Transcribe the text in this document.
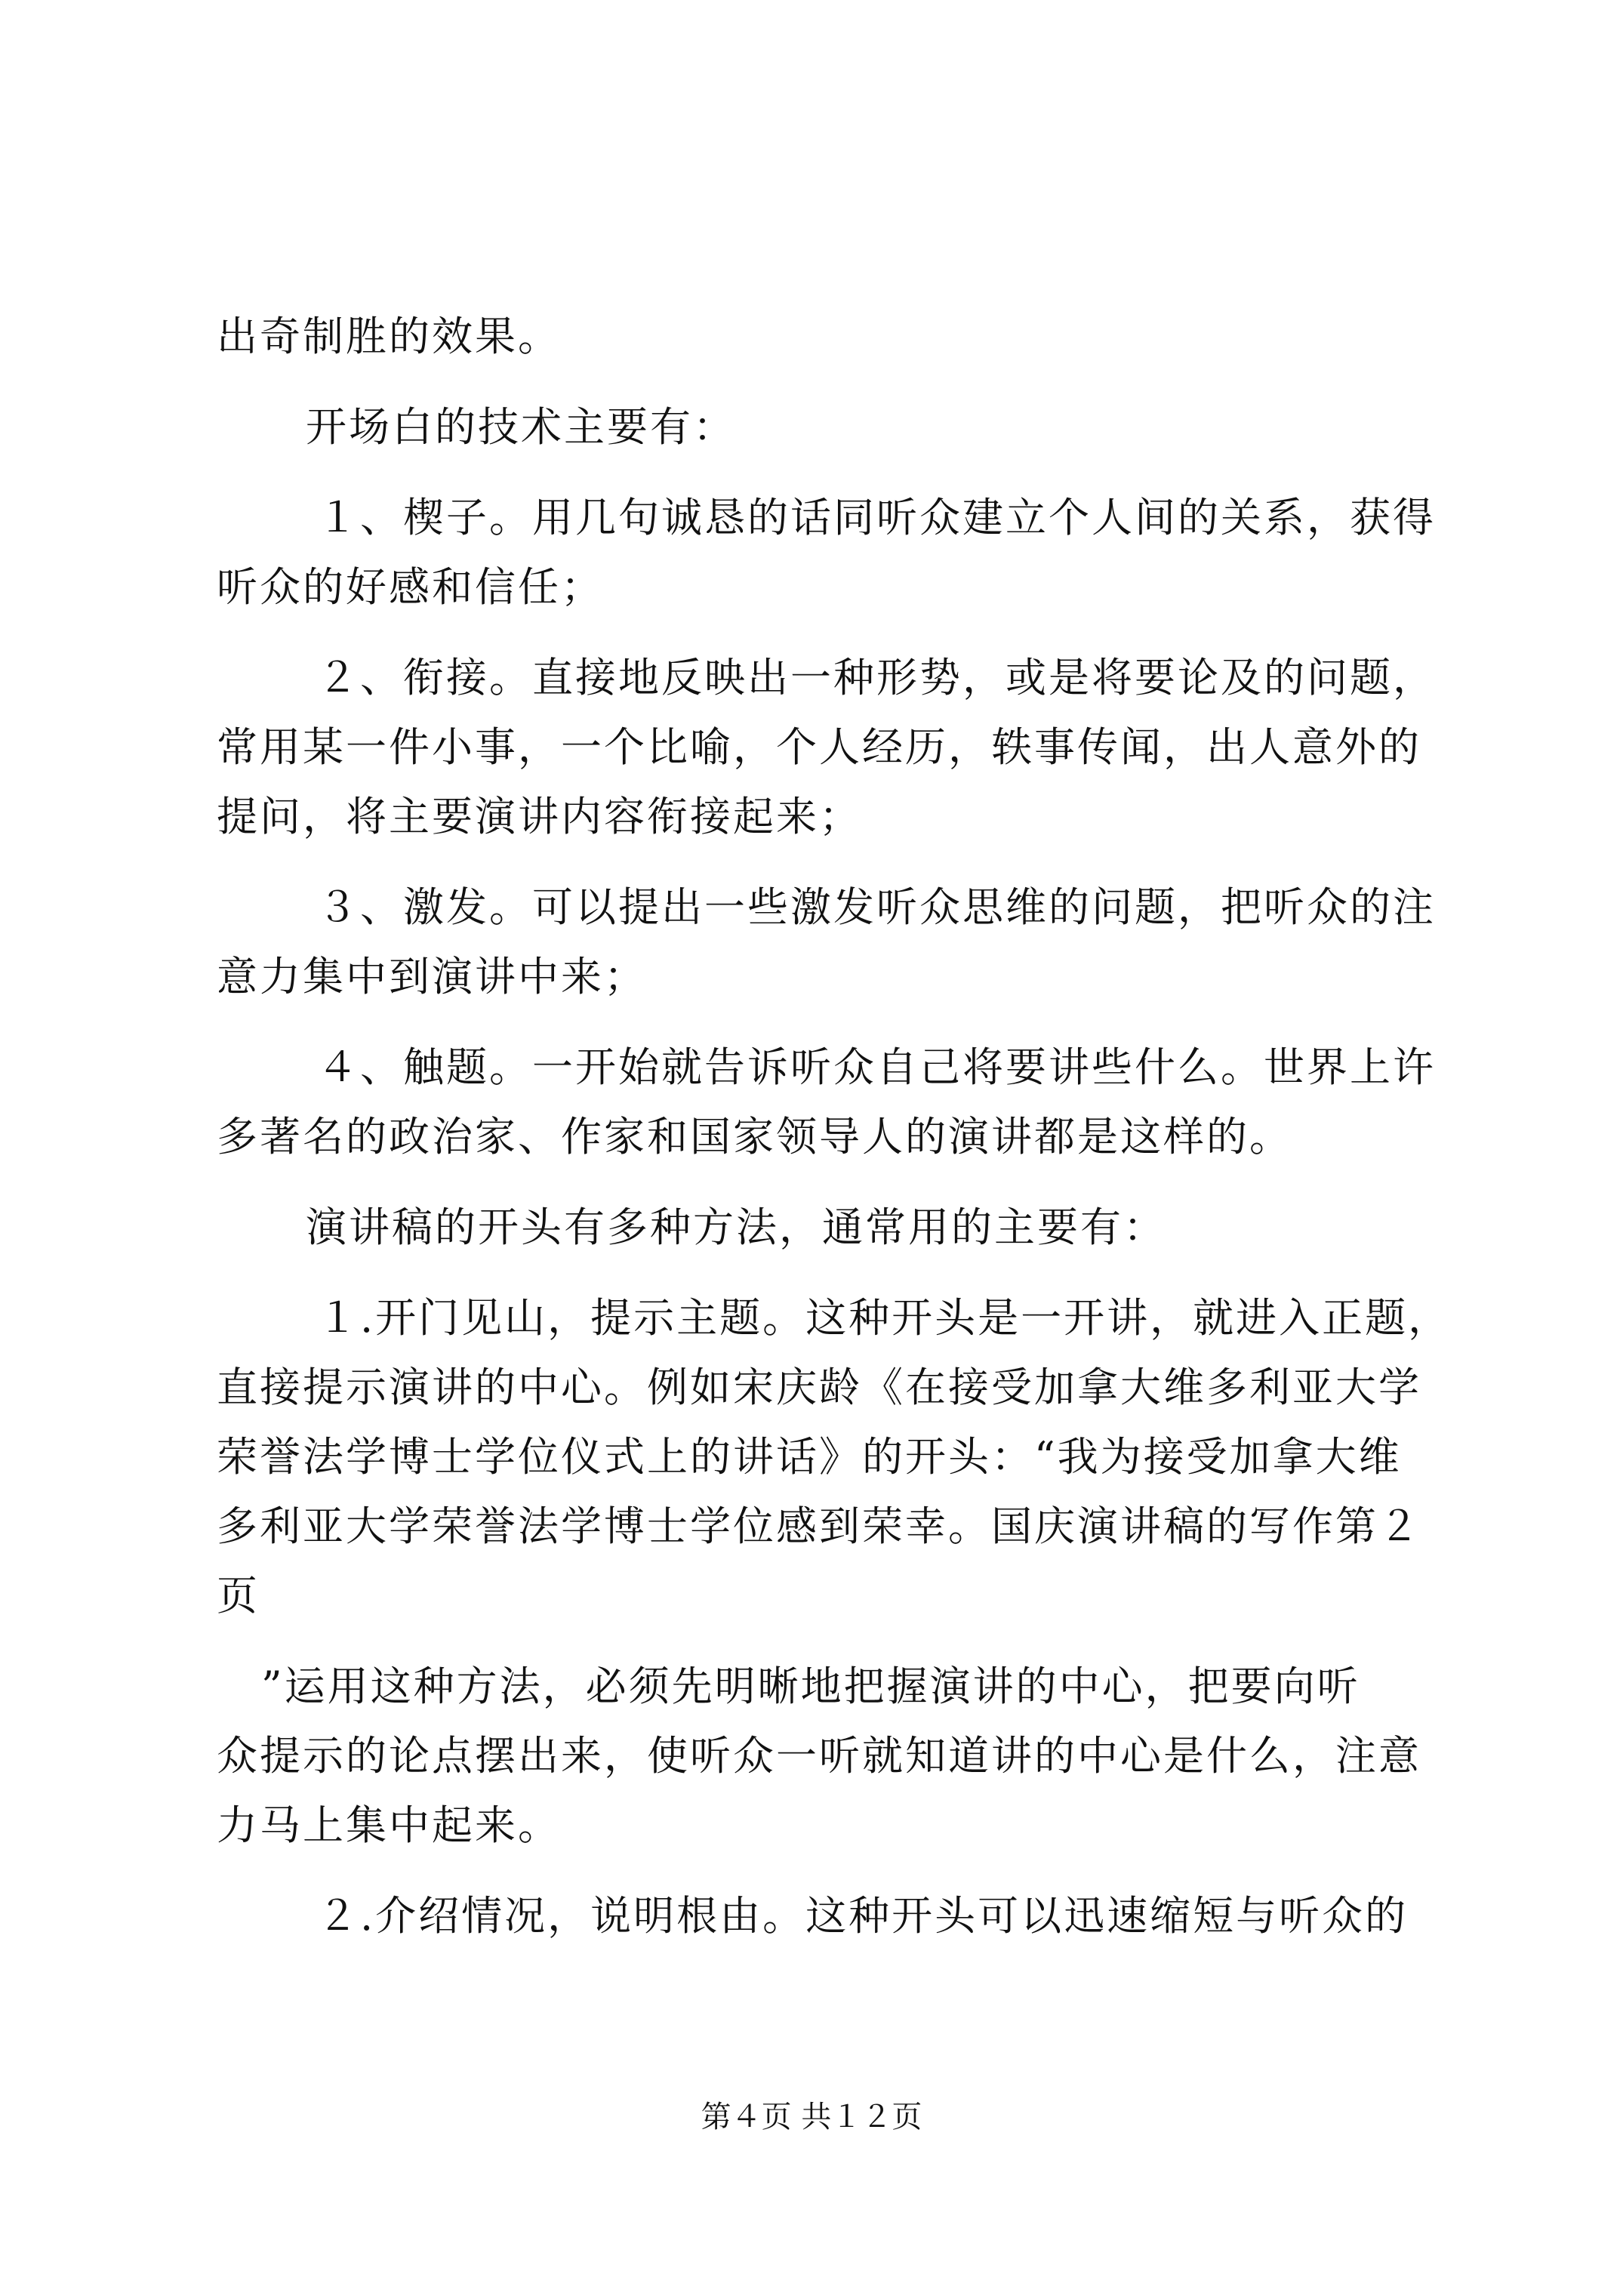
出奇制胜的效果。
开场白的技术主要有：
１、楔子。用几句诚恳的话同听众建立个人间的关系，获得
听众的好感和信任；
２、衔接。直接地反映出一种形势，或是将要论及的问题，
常用某一件小事，一个比喻，个人经历，轶事传闻，出人意外的
提问，将主要演讲内容衔接起来；
３、激发。可以提出一些激发听众思维的问题，把听众的注
意力集中到演讲中来；
４、触题。一开始就告诉听众自己将要讲些什么。世界上许
多著名的政治家、作家和国家领导人的演讲都是这样的。
演讲稿的开头有多种方法，通常用的主要有：
１.开门见山，提示主题。这种开头是一开讲，就进入正题，
直接提示演讲的中心。例如宋庆龄《在接受加拿大维多利亚大学
荣誉法学博士学位仪式上的讲话》的开头：“我为接受加拿大维
多利亚大学荣誉法学博士学位感到荣幸。国庆演讲稿的写作第２
页
”运用这种方法，必须先明晰地把握演讲的中心，把要向听
众提示的论点摆出来，使听众一听就知道讲的中心是什么，注意
力马上集中起来。
２.介绍情况，说明根由。这种开头可以迅速缩短与听众的
第４页 共１２页
